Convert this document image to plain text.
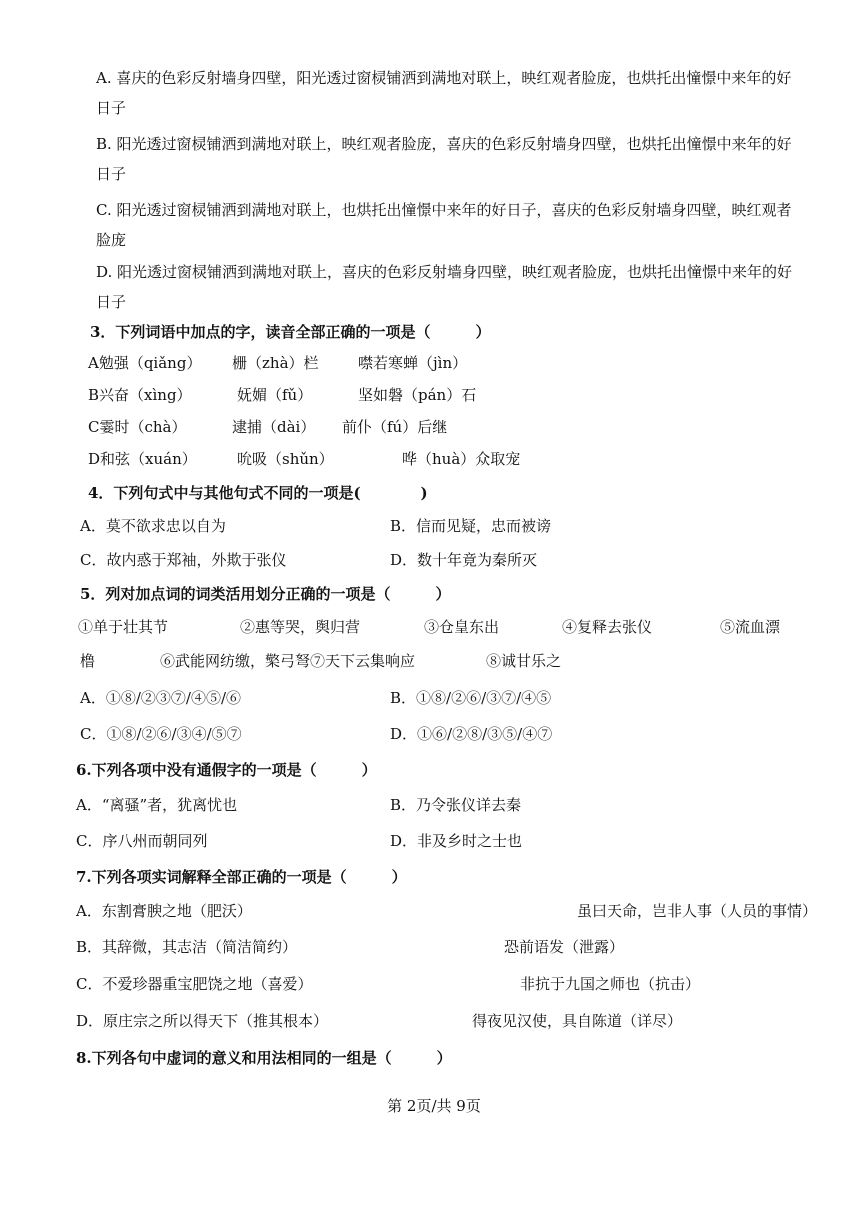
A. 喜庆的色彩反射墙身四壁，阳光透过窗棂铺洒到满地对联上，映红观者脸庞，也烘托出憧憬中来年的好
日子
B. 阳光透过窗棂铺洒到满地对联上，映红观者脸庞，喜庆的色彩反射墙身四壁，也烘托出憧憬中来年的好
日子
C. 阳光透过窗棂铺洒到满地对联上，也烘托出憧憬中来年的好日子，喜庆的色彩反射墙身四壁，映红观者
脸庞
D. 阳光透过窗棂铺洒到满地对联上，喜庆的色彩反射墙身四壁，映红观者脸庞，也烘托出憧憬中来年的好
日子
3．下列词语中加点的字，读音全部正确的一项是（　　　）
A勉强（qiǎng） 栅（zhà）栏	噤若寒蝉（jìn）
B兴奋（xìng）	妩媚（fǔ）	坚如磐（pán）石
C霎时（chà）	逮捕（dài） 前仆（fú）后继
D和弦（xuán）	吮吸（shǔn）	哗（huà）众取宠
4．下列句式中与其他句式不同的一项是(　　　　)
A．莫不欲求忠以自为	B．信而见疑，忠而被谤
C．故内惑于郑袖，外欺于张仪	D．数十年竟为秦所灭
5．列对加点词的词类活用划分正确的一项是（　　　）
①单于壮其节	②惠等哭，舆归营	③仓皇东出	④复释去张仪	⑤流血漂
橹	⑥武能网纺缴，檠弓弩⑦天下云集响应	⑧诚甘乐之
A．①⑧/②③⑦/④⑤/⑥	B．①⑧/②⑥/③⑦/④⑤
C．①⑧/②⑥/③④/⑤⑦	D．①⑥/②⑧/③⑤/④⑦
6.下列各项中没有通假字的一项是（　　　）
A．“离骚”者，犹离忧也	B．乃令张仪详去秦
C．序八州而朝同列	D．非及乡时之士也
7.下列各项实词解释全部正确的一项是（　　　）
A．东割膏腴之地（肥沃）	虽曰天命，岂非人事（人员的事情）
B．其辞微，其志洁（简洁简约）	恐前语发（泄露）
C．不爱珍器重宝肥饶之地（喜爱）	非抗于九国之师也（抗击）
D．原庄宗之所以得天下（推其根本）	得夜见汉使，具自陈道（详尽）
8.下列各句中虚词的意义和用法相同的一组是（　　　）
第 2页/共 9页
